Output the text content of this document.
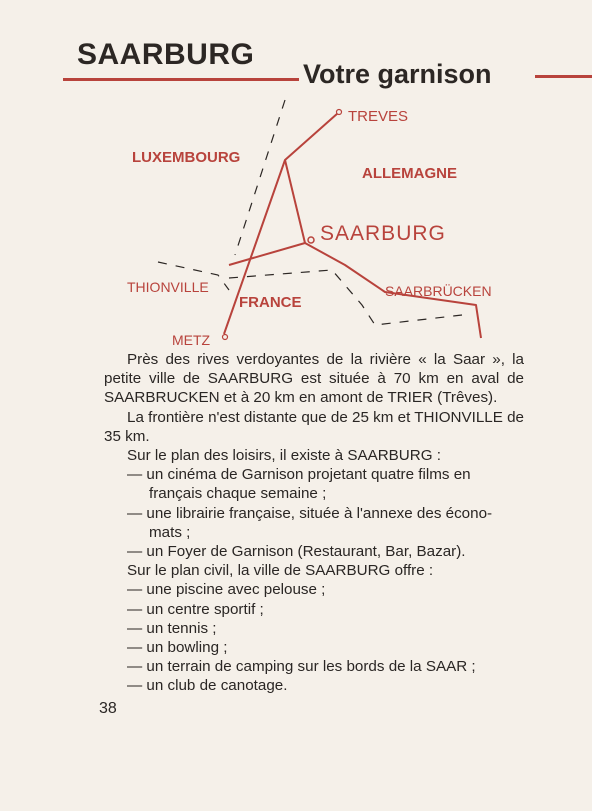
SAARBURG
Votre garnison
TREVES
LUXEMBOURG
ALLEMAGNE
SAARBURG
THIONVILLE
FRANCE
SAARBRÜCKEN
METZ

Près des rives verdoyantes de la rivière « la Saar », la petite ville de SAARBURG est située à 70 km en aval de SAARBRUCKEN et à 20 km en amont de TRIER (Trêves).

La frontière n'est distante que de 25 km et THIONVILLE de 35 km.

Sur le plan des loisirs, il existe à SAARBURG :

— un cinéma de Garnison projetant quatre films en

français chaque semaine ;

— une librairie française, située à l'annexe des écono-

mats ;

— un Foyer de Garnison (Restaurant, Bar, Bazar).

Sur le plan civil, la ville de SAARBURG offre :

— une piscine avec pelouse ;

— un centre sportif ;

— un tennis ;

— un bowling ;

— un terrain de camping sur les bords de la SAAR ;

— un club de canotage.

38
